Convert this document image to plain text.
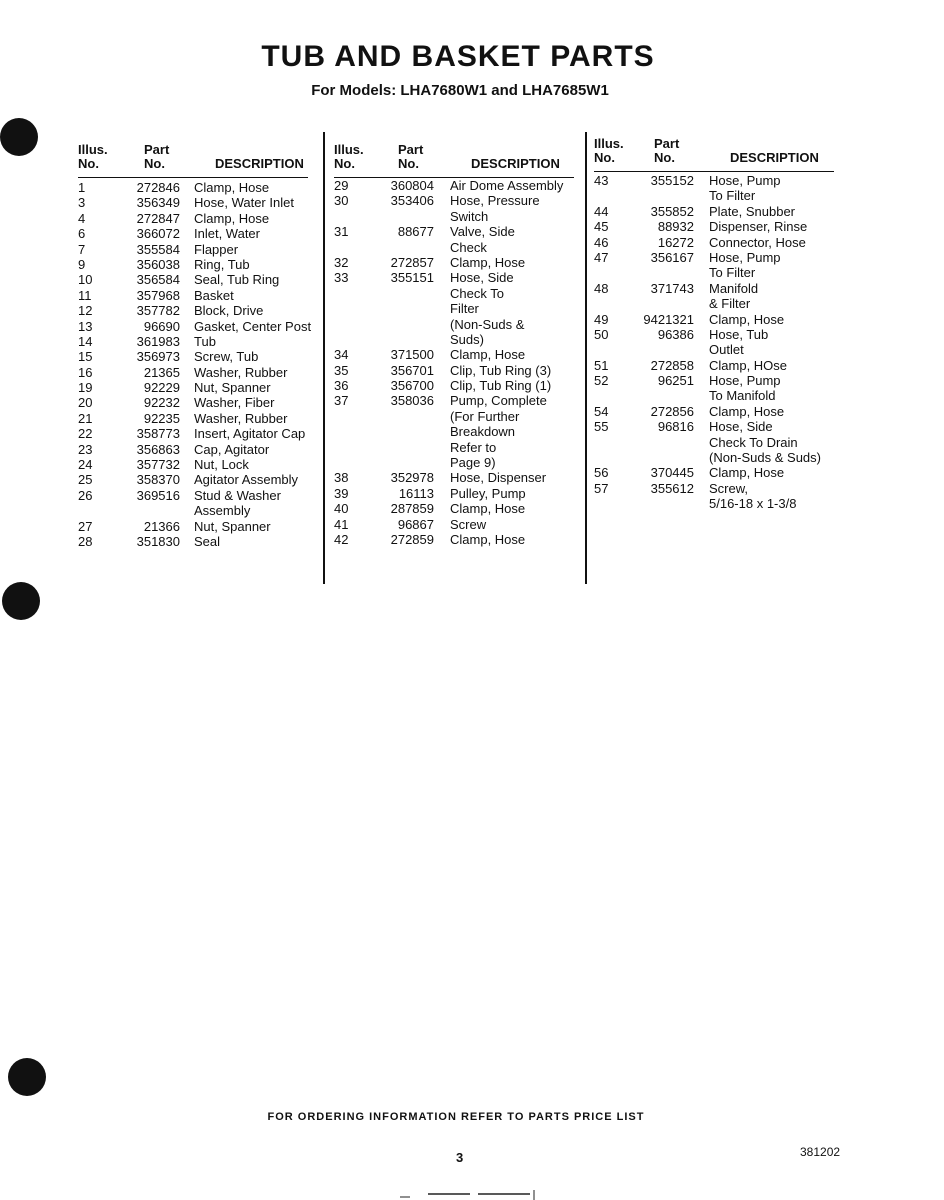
TUB AND BASKET PARTS
For Models: LHA7680W1 and LHA7685W1
Illus.
No.
Part
No.	DESCRIPTION
1	272846 Clamp, Hose
3	356349 Hose, Water Inlet
4	272847 Clamp, Hose
6	366072 Inlet, Water
7	355584 Flapper
9	356038 Ring, Tub
10	356584 Seal, Tub Ring
11	357968 Basket
12	357782 Block, Drive
13	96690 Gasket, Center Post
14	361983 Tub
15	356973 Screw, Tub
16	21365 Washer, Rubber
19	92229 Nut, Spanner
20	92232 Washer, Fiber
21	92235 Washer, Rubber
22	358773 Insert, Agitator Cap
23	356863 Cap, Agitator
24	357732 Nut, Lock
25	358370 Agitator Assembly
26	369516 Stud & Washer
Assembly
27	21366 Nut, Spanner
28	351830 Seal
Illus.
No.
Part
No.	DESCRIPTION
29	360804 Air Dome Assembly
30	353406 Hose, Pressure
Switch
31	88677 Valve, Side
Check
32	272857 Clamp, Hose
33	355151 Hose, Side
Check To
Filter
(Non-Suds &
Suds)
34	371500 Clamp, Hose
35	356701 Clip, Tub Ring (3)
36	356700 Clip, Tub Ring (1)
37	358036 Pump, Complete
(For Further
Breakdown
Refer to
Page 9)
38	352978 Hose, Dispenser
39	16113 Pulley, Pump
40	287859 Clamp, Hose
41	96867 Screw
42	272859 Clamp, Hose
Illus.
No.
Part
No.	DESCRIPTION
43	355152 Hose, Pump
To Filter
44	355852 Plate, Snubber
45	88932 Dispenser, Rinse
46	16272 Connector, Hose
47	356167 Hose, Pump
To Filter
48	371743 Manifold
& Filter
49	9421321 Clamp, Hose
50	96386 Hose, Tub
Outlet
51	272858 Clamp, HOse
52	96251 Hose, Pump
To Manifold
54	272856 Clamp, Hose
55	96816 Hose, Side
Check To Drain
(Non-Suds & Suds)
56	370445 Clamp, Hose
57	355612 Screw,
5/16-18 x 1-3/8
FOR ORDERING INFORMATION REFER TO PARTS PRICE LIST
3	381202
